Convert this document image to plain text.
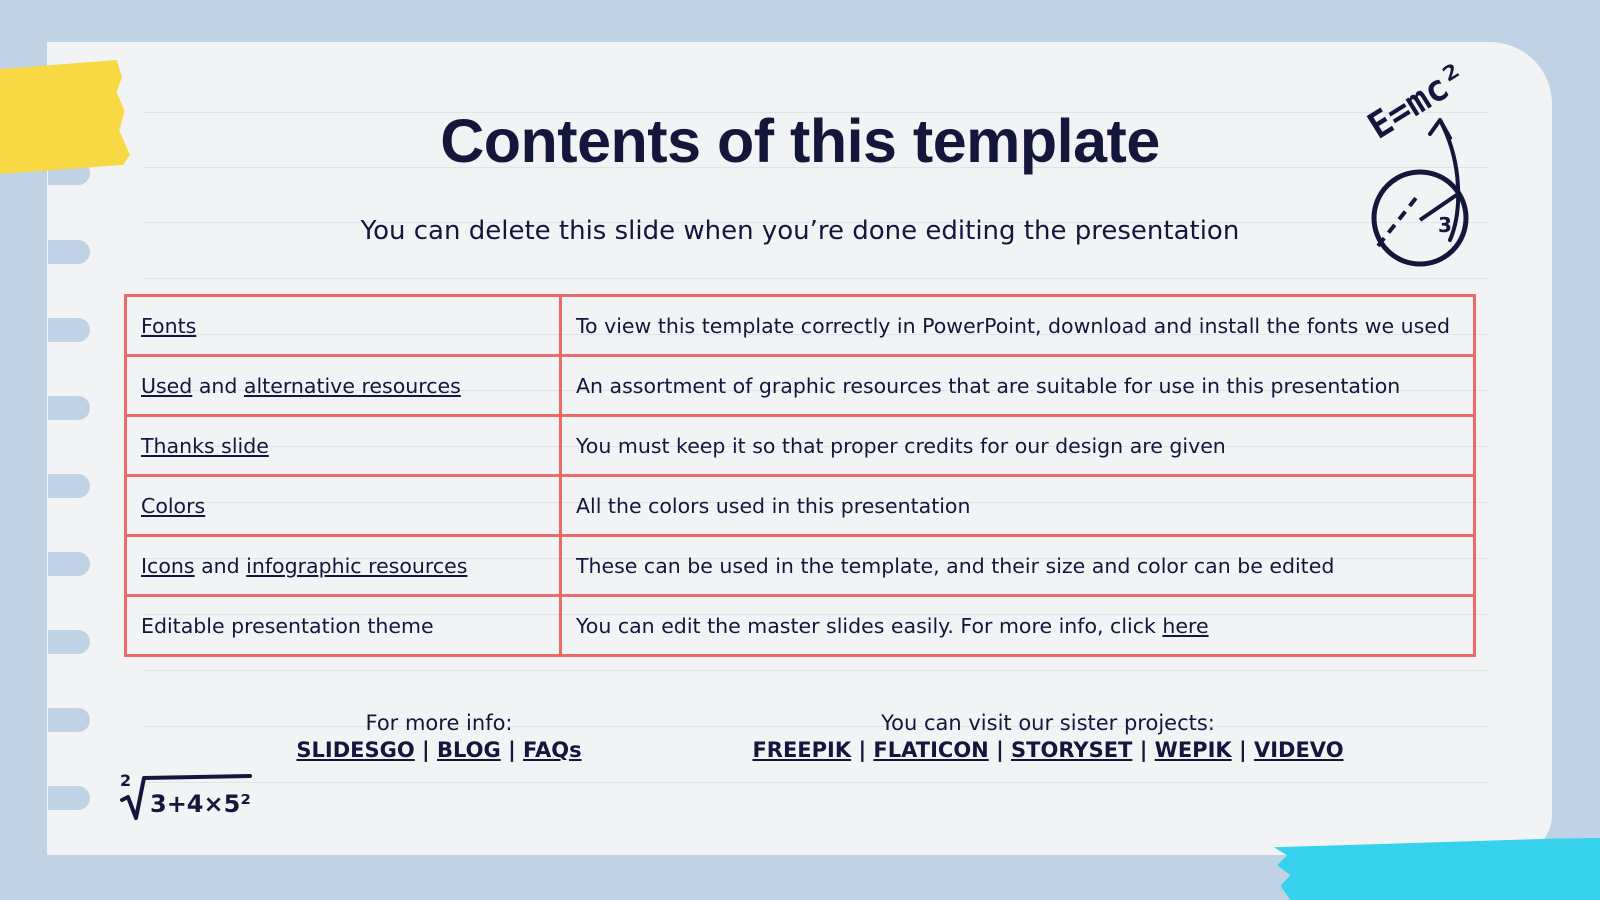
Contents of this template
You can delete this slide when you’re done editing the presentation
Fonts	To view this template correctly in PowerPoint, download and install the fonts we used
Used and alternative resources	An assortment of graphic resources that are suitable for use in this presentation
Thanks slide	You must keep it so that proper credits for our design are given
Colors	All the colors used in this presentation
Icons and infographic resources	These can be used in the template, and their size and color can be edited
Editable presentation theme	You can edit the master slides easily. For more info, click here
For more info:
SLIDESGO | BLOG | FAQs
You can visit our sister projects:
FREEPIK | FLATICON | STORYSET | WEPIK | VIDEVO
E=mc²
3
2
3+4×5²
